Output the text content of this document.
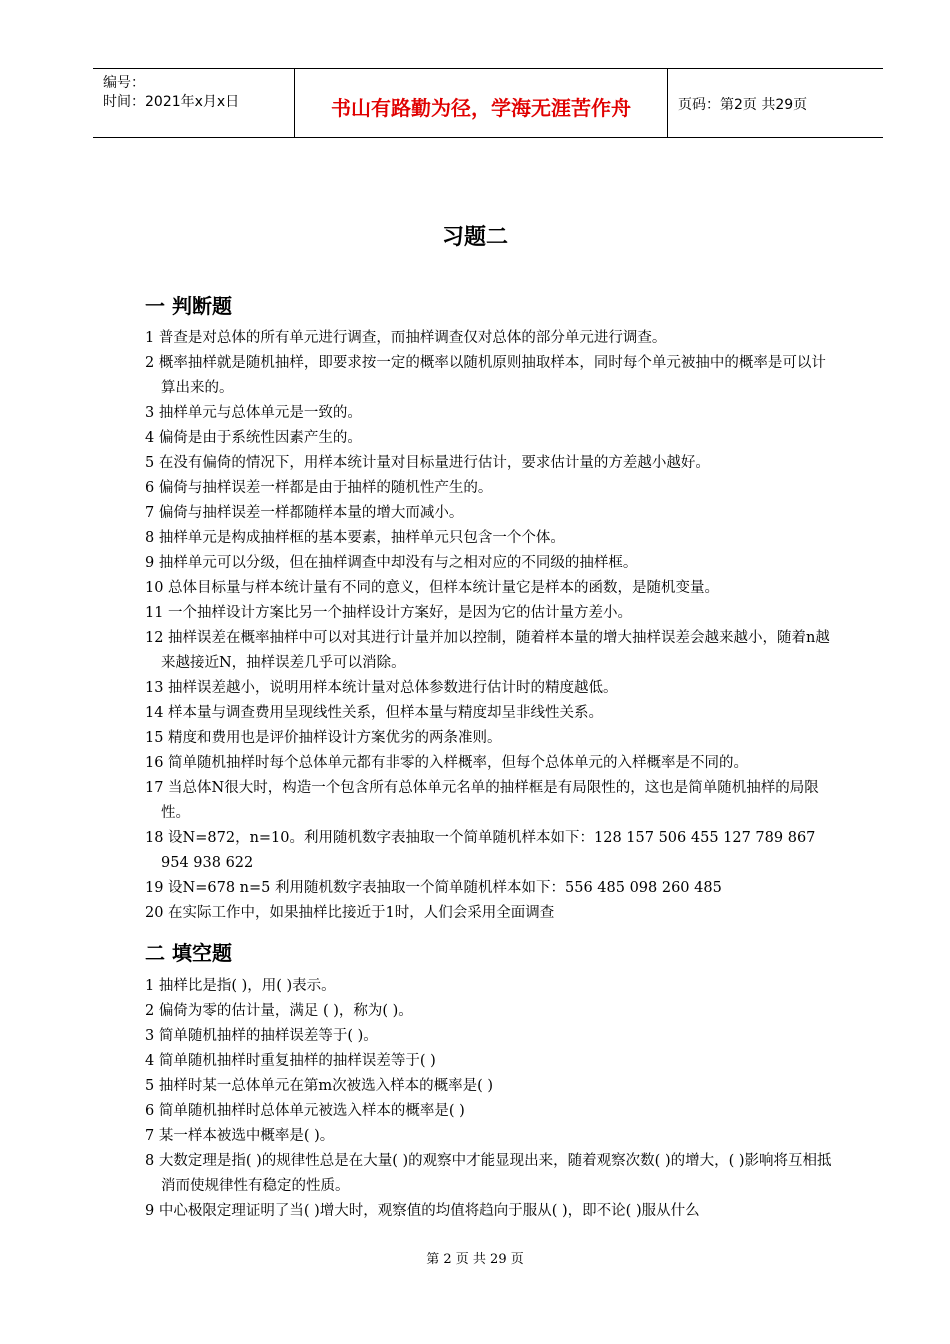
编号：
时间：2021年x月x日	书山有路勤为径，学海无涯苦作舟	页码：第2页 共29页
习题二
一 判断题
1 普查是对总体的所有单元进行调查，而抽样调查仅对总体的部分单元进行调查。
2 概率抽样就是随机抽样，即要求按一定的概率以随机原则抽取样本，同时每个单元被抽中的概率是可以计算出来的。
3 抽样单元与总体单元是一致的。
4 偏倚是由于系统性因素产生的。
5 在没有偏倚的情况下，用样本统计量对目标量进行估计，要求估计量的方差越小越好。
6 偏倚与抽样误差一样都是由于抽样的随机性产生的。
7 偏倚与抽样误差一样都随样本量的增大而减小。
8 抽样单元是构成抽样框的基本要素，抽样单元只包含一个个体。
9 抽样单元可以分级，但在抽样调查中却没有与之相对应的不同级的抽样框。
10 总体目标量与样本统计量有不同的意义，但样本统计量它是样本的函数，是随机变量。
11 一个抽样设计方案比另一个抽样设计方案好，是因为它的估计量方差小。
12 抽样误差在概率抽样中可以对其进行计量并加以控制，随着样本量的增大抽样误差会越来越小，随着n越来越接近N，抽样误差几乎可以消除。
13 抽样误差越小，说明用样本统计量对总体参数进行估计时的精度越低。
14 样本量与调查费用呈现线性关系，但样本量与精度却呈非线性关系。
15 精度和费用也是评价抽样设计方案优劣的两条准则。
16 简单随机抽样时每个总体单元都有非零的入样概率，但每个总体单元的入样概率是不同的。
17 当总体N很大时，构造一个包含所有总体单元名单的抽样框是有局限性的，这也是简单随机抽样的局限性。
18 设N=872，n=10。利用随机数字表抽取一个简单随机样本如下：128 157 506 455 127 789 867 954 938 622
19 设N=678 n=5 利用随机数字表抽取一个简单随机样本如下：556 485 098 260 485
20 在实际工作中，如果抽样比接近于1时，人们会采用全面调查
二 填空题
1 抽样比是指( )，用( )表示。
2 偏倚为零的估计量，满足 ( )，称为( )。
3 简单随机抽样的抽样误差等于( )。
4 简单随机抽样时重复抽样的抽样误差等于( )
5 抽样时某一总体单元在第m次被选入样本的概率是( )
6 简单随机抽样时总体单元被选入样本的概率是( )
7 某一样本被选中概率是( )。
8 大数定理是指( )的规律性总是在大量( )的观察中才能显现出来，随着观察次数( )的增大，( )影响将互相抵消而使规律性有稳定的性质。
9 中心极限定理证明了当( )增大时，观察值的均值将趋向于服从( )，即不论( )服从什么
第 2 页 共 29 页
